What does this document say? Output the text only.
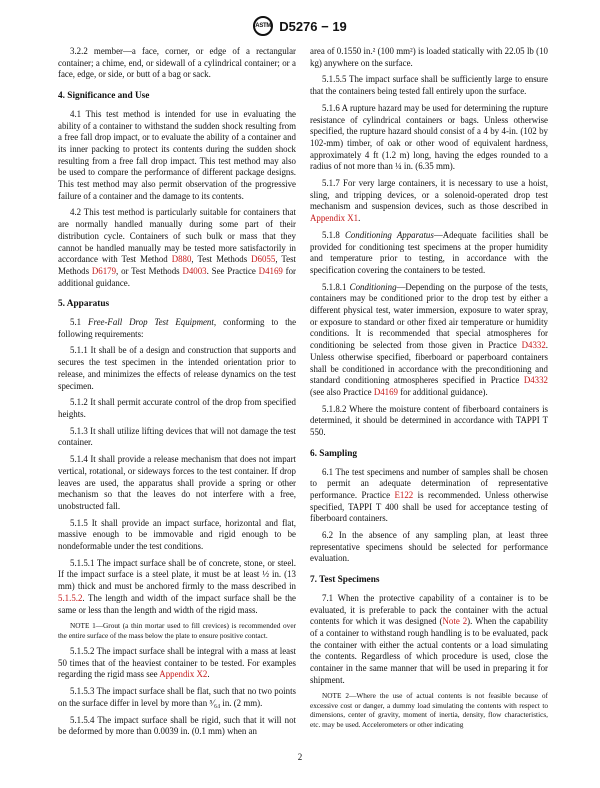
ASTM D5276 − 19

3.2.2 member—a face, corner, or edge of a rectangular container; a chime, end, or sidewall of a cylindrical container; or a face, edge, or side, or butt of a bag or sack.

4. Significance and Use

4.1 This test method is intended for use in evaluating the ability of a container to withstand the sudden shock resulting from a free fall drop impact, or to evaluate the ability of a container and its inner packing to protect its contents during the sudden shock resulting from a free fall drop impact. This test method may also be used to compare the performance of different package designs. This test method may also permit observation of the progressive failure of a container and the damage to its contents.

4.2 This test method is particularly suitable for containers that are normally handled manually during some part of their distribution cycle. Containers of such bulk or mass that they cannot be handled manually may be tested more satisfactorily in accordance with Test Method D880, Test Methods D6055, Test Methods D6179, or Test Methods D4003. See Practice D4169 for additional guidance.

5. Apparatus

5.1 Free-Fall Drop Test Equipment, conforming to the following requirements:

5.1.1 It shall be of a design and construction that supports and secures the test specimen in the intended orientation prior to release, and minimizes the effects of release dynamics on the test specimen.

5.1.2 It shall permit accurate control of the drop from specified heights.

5.1.3 It shall utilize lifting devices that will not damage the test container.

5.1.4 It shall provide a release mechanism that does not impart vertical, rotational, or sideways forces to the test container. If drop leaves are used, the apparatus shall provide a spring or other mechanism so that the leaves do not interfere with a free, unobstructed fall.

5.1.5 It shall provide an impact surface, horizontal and flat, massive enough to be immovable and rigid enough to be nondeformable under the test conditions.

5.1.5.1 The impact surface shall be of concrete, stone, or steel. If the impact surface is a steel plate, it must be at least ½ in. (13 mm) thick and must be anchored firmly to the mass described in 5.1.5.2. The length and width of the impact surface shall be the same or less than the length and width of the rigid mass.

NOTE 1—Grout (a thin mortar used to fill crevices) is recommended over the entire surface of the mass below the plate to ensure positive contact.

5.1.5.2 The impact surface shall be integral with a mass at least 50 times that of the heaviest container to be tested. For examples regarding the rigid mass see Appendix X2.

5.1.5.3 The impact surface shall be flat, such that no two points on the surface differ in level by more than ⁵⁄₆₄ in. (2 mm).

5.1.5.4 The impact surface shall be rigid, such that it will not be deformed by more than 0.0039 in. (0.1 mm) when an

area of 0.1550 in.² (100 mm²) is loaded statically with 22.05 lb (10 kg) anywhere on the surface.

5.1.5.5 The impact surface shall be sufficiently large to ensure that the containers being tested fall entirely upon the surface.

5.1.6 A rupture hazard may be used for determining the rupture resistance of cylindrical containers or bags. Unless otherwise specified, the rupture hazard should consist of a 4 by 4-in. (102 by 102-mm) timber, of oak or other wood of equivalent hardness, approximately 4 ft (1.2 m) long, having the edges rounded to a radius of not more than ¼ in. (6.35 mm).

5.1.7 For very large containers, it is necessary to use a hoist, sling, and tripping devices, or a solenoid-operated drop test mechanism and suspension devices, such as those described in Appendix X1.

5.1.8 Conditioning Apparatus—Adequate facilities shall be provided for conditioning test specimens at the proper humidity and temperature prior to testing, in accordance with the specification covering the containers to be tested.

5.1.8.1 Conditioning—Depending on the purpose of the tests, containers may be conditioned prior to the drop test by either a different physical test, water immersion, exposure to water spray, or exposure to standard or other fixed air temperature or humidity conditions. It is recommended that special atmospheres for conditioning be selected from those given in Practice D4332. Unless otherwise specified, fiberboard or paperboard containers shall be conditioned in accordance with the preconditioning and standard conditioning atmospheres specified in Practice D4332 (see also Practice D4169 for additional guidance).

5.1.8.2 Where the moisture content of fiberboard containers is determined, it should be determined in accordance with TAPPI T 550.

6. Sampling

6.1 The test specimens and number of samples shall be chosen to permit an adequate determination of representative performance. Practice E122 is recommended. Unless otherwise specified, TAPPI T 400 shall be used for acceptance testing of fiberboard containers.

6.2 In the absence of any sampling plan, at least three representative specimens should be selected for performance evaluation.

7. Test Specimens

7.1 When the protective capability of a container is to be evaluated, it is preferable to pack the container with the actual contents for which it was designed (Note 2). When the capability of a container to withstand rough handling is to be evaluated, pack the container with either the actual contents or a load simulating the contents. Regardless of which procedure is used, close the container in the same manner that will be used in preparing it for shipment.

NOTE 2—Where the use of actual contents is not feasible because of excessive cost or danger, a dummy load simulating the contents with respect to dimensions, center of gravity, moment of inertia, density, flow characteristics, etc. may be used. Accelerometers or other indicating
2
